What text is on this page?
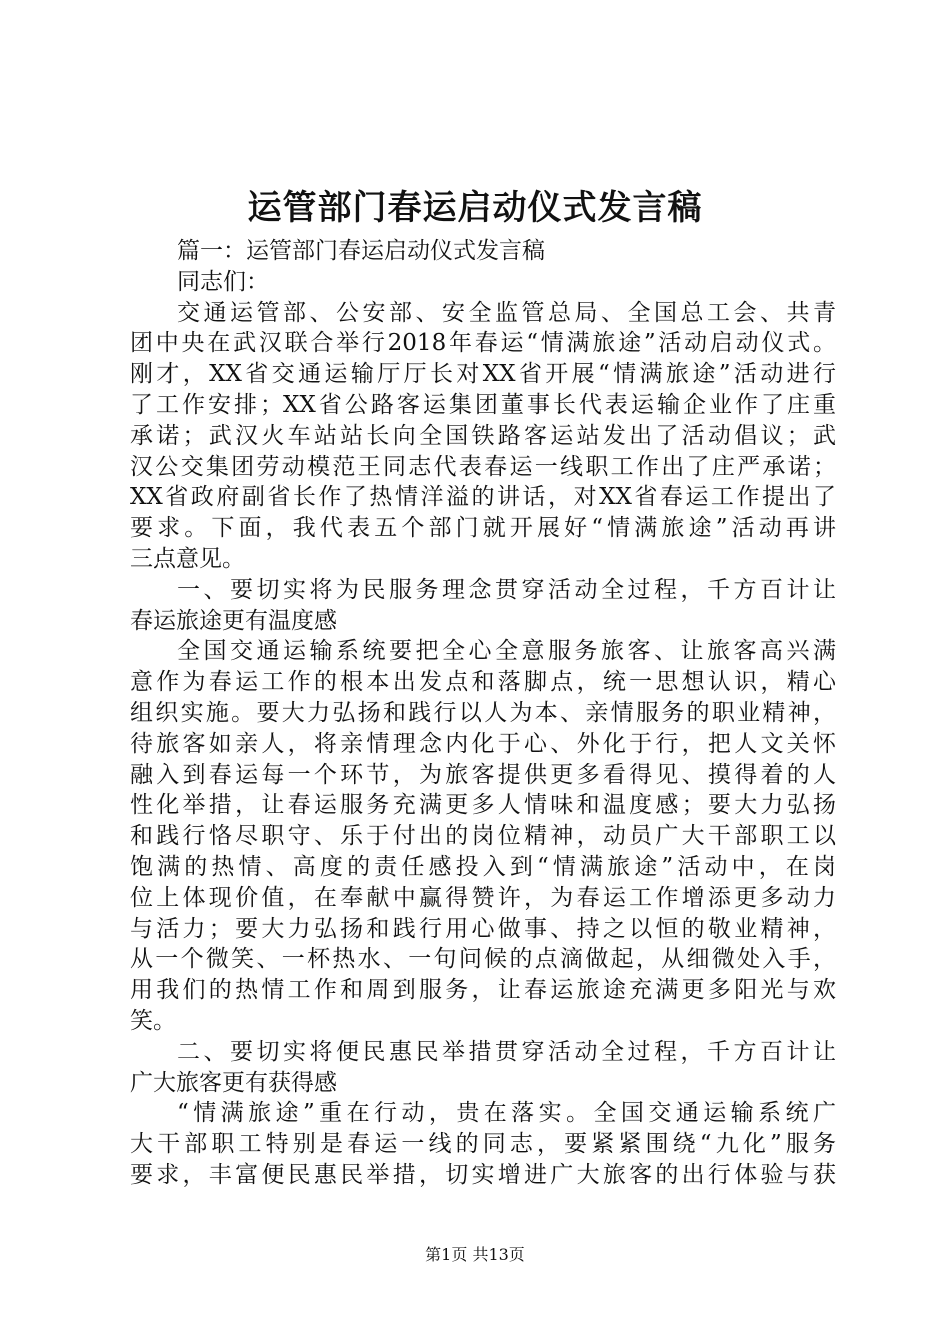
运管部门春运启动仪式发言稿
篇一：运管部门春运启动仪式发言稿
同志们：
交通运管部、公安部、安全监管总局、全国总工会、共青
团中央在武汉联合举行2018年春运“情满旅途”活动启动仪式。
刚才，XX省交通运输厅厅长对XX省开展“情满旅途”活动进行
了工作安排；XX省公路客运集团董事长代表运输企业作了庄重
承诺；武汉火车站站长向全国铁路客运站发出了活动倡议；武
汉公交集团劳动模范王同志代表春运一线职工作出了庄严承诺；
XX省政府副省长作了热情洋溢的讲话，对XX省春运工作提出了
要求。下面，我代表五个部门就开展好“情满旅途”活动再讲
三点意见。
一、要切实将为民服务理念贯穿活动全过程，千方百计让
春运旅途更有温度感
全国交通运输系统要把全心全意服务旅客、让旅客高兴满
意作为春运工作的根本出发点和落脚点，统一思想认识，精心
组织实施。要大力弘扬和践行以人为本、亲情服务的职业精神，
待旅客如亲人，将亲情理念内化于心、外化于行，把人文关怀
融入到春运每一个环节，为旅客提供更多看得见、摸得着的人
性化举措，让春运服务充满更多人情味和温度感；要大力弘扬
和践行恪尽职守、乐于付出的岗位精神，动员广大干部职工以
饱满的热情、高度的责任感投入到“情满旅途”活动中，在岗
位上体现价值，在奉献中赢得赞许，为春运工作增添更多动力
与活力；要大力弘扬和践行用心做事、持之以恒的敬业精神，
从一个微笑、一杯热水、一句问候的点滴做起，从细微处入手，
用我们的热情工作和周到服务，让春运旅途充满更多阳光与欢
笑。
二、要切实将便民惠民举措贯穿活动全过程，千方百计让
广大旅客更有获得感
“情满旅途”重在行动，贵在落实。全国交通运输系统广
大干部职工特别是春运一线的同志，要紧紧围绕“九化”服务
要求，丰富便民惠民举措，切实增进广大旅客的出行体验与获
第1页 共13页
